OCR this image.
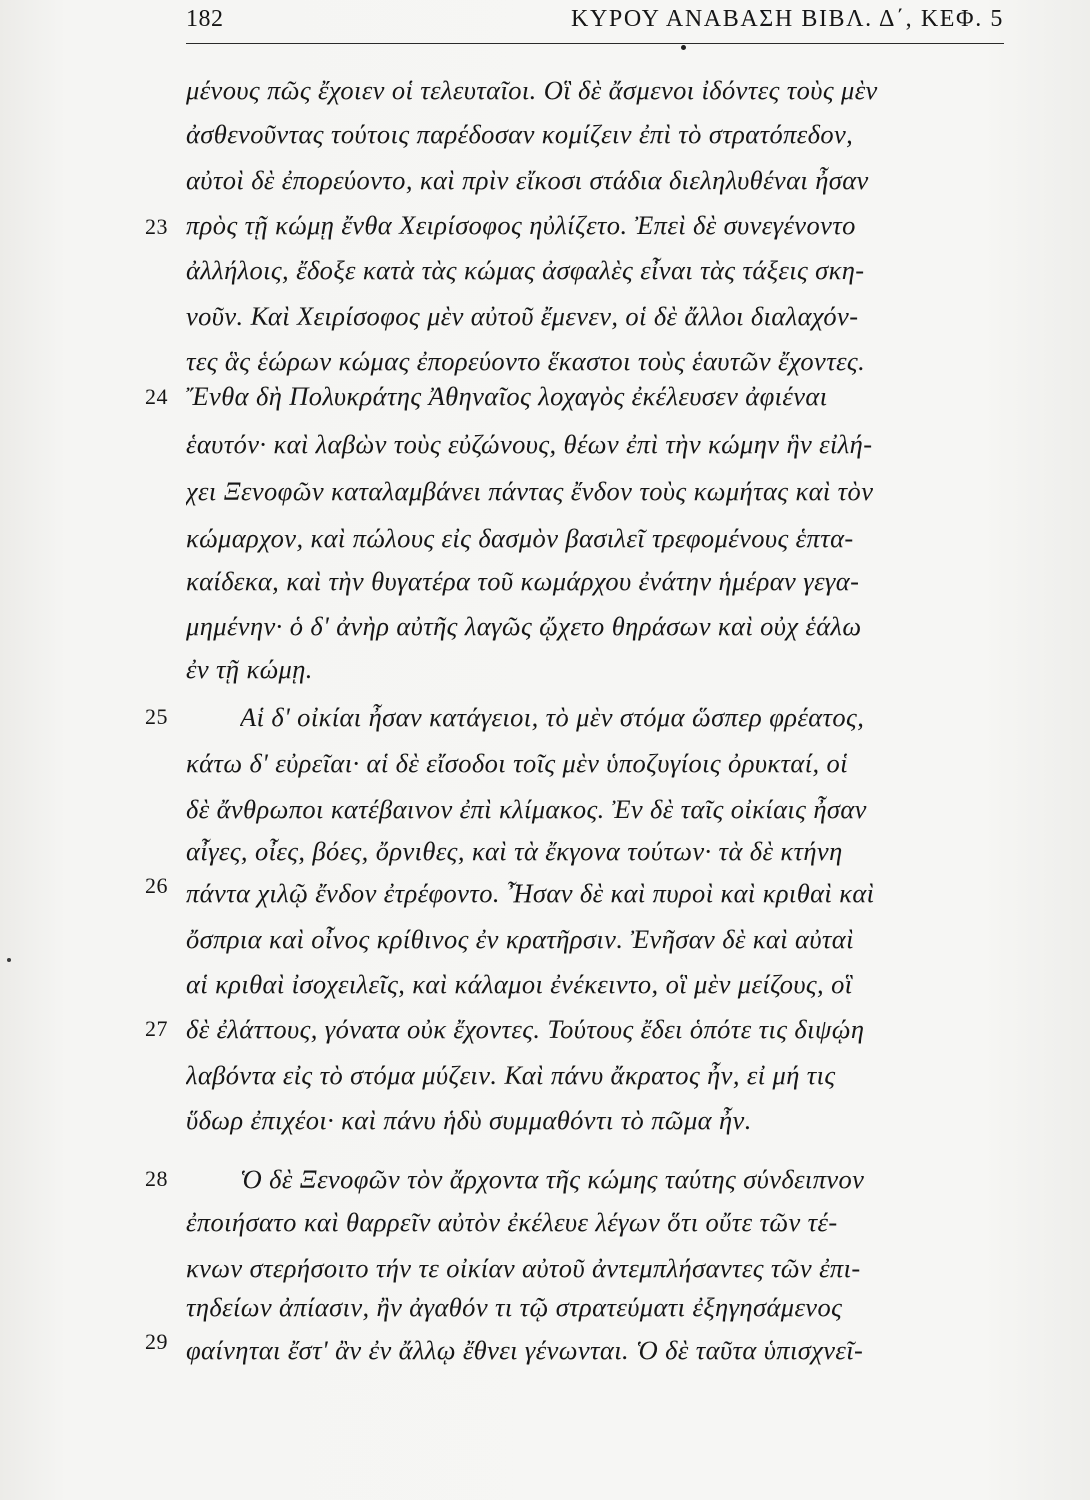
182	ΚΥΡΟΥ ΑΝΑΒΑΣΗ ΒΙΒΛ. Δ΄, ΚΕΦ. 5
23
24
25
26
27
28
29
μένους πῶς ἔχοιεν οἱ τελευταῖοι. Οἳ δὲ ἄσμενοι ἰδόντες τοὺς μὲν
ἀσθενοῦντας τούτοις παρέδοσαν κομίζειν ἐπὶ τὸ στρατόπεδον,
αὐτοὶ δὲ ἐπορεύοντο, καὶ πρὶν εἴκοσι στάδια διεληλυθέναι ἦσαν
πρὸς τῇ κώμῃ ἔνθα Χειρίσοφος ηὐλίζετο. Ἐπεὶ δὲ συνεγένοντο
ἀλλήλοις, ἔδοξε κατὰ τὰς κώμας ἀσφαλὲς εἶναι τὰς τάξεις σκη-
νοῦν. Καὶ Χειρίσοφος μὲν αὐτοῦ ἔμενεν, οἱ δὲ ἄλλοι διαλαχόν-
τες ἃς ἑώρων κώμας ἐπορεύοντο ἕκαστοι τοὺς ἑαυτῶν ἔχοντες.
Ἔνθα δὴ Πολυκράτης Ἀθηναῖος λοχαγὸς ἐκέλευσεν ἀφιέναι
ἑαυτόν· καὶ λαβὼν τοὺς εὐζώνους, θέων ἐπὶ τὴν κώμην ἣν εἰλή-
χει Ξενοφῶν καταλαμβάνει πάντας ἔνδον τοὺς κωμήτας καὶ τὸν
κώμαρχον, καὶ πώλους εἰς δασμὸν βασιλεῖ τρεφομένους ἑπτα-
καίδεκα, καὶ τὴν θυγατέρα τοῦ κωμάρχου ἐνάτην ἡμέραν γεγα-
μημένην· ὁ δ' ἀνὴρ αὐτῆς λαγῶς ᾤχετο θηράσων καὶ οὐχ ἑάλω
ἐν τῇ κώμῃ.
Αἱ δ' οἰκίαι ἦσαν κατάγειοι, τὸ μὲν στόμα ὥσπερ φρέατος,
κάτω δ' εὐρεῖαι· αἱ δὲ εἴσοδοι τοῖς μὲν ὑποζυγίοις ὀρυκταί, οἱ
δὲ ἄνθρωποι κατέβαινον ἐπὶ κλίμακος. Ἐν δὲ ταῖς οἰκίαις ἦσαν
αἶγες, οἶες, βόες, ὄρνιθες, καὶ τὰ ἔκγονα τούτων· τὰ δὲ κτήνη
πάντα χιλῷ ἔνδον ἐτρέφοντο. Ἦσαν δὲ καὶ πυροὶ καὶ κριθαὶ καὶ
ὄσπρια καὶ οἶνος κρίθινος ἐν κρατῆρσιν. Ἐνῆσαν δὲ καὶ αὐταὶ
αἱ κριθαὶ ἰσοχειλεῖς, καὶ κάλαμοι ἐνέκειντο, οἳ μὲν μείζους, οἳ
δὲ ἐλάττους, γόνατα οὐκ ἔχοντες. Τούτους ἔδει ὁπότε τις διψῴη
λαβόντα εἰς τὸ στόμα μύζειν. Καὶ πάνυ ἄκρατος ἦν, εἰ μή τις
ὕδωρ ἐπιχέοι· καὶ πάνυ ἡδὺ συμμαθόντι τὸ πῶμα ἦν.
Ὁ δὲ Ξενοφῶν τὸν ἄρχοντα τῆς κώμης ταύτης σύνδειπνον
ἐποιήσατο καὶ θαρρεῖν αὐτὸν ἐκέλευε λέγων ὅτι οὔτε τῶν τέ-
κνων στερήσοιτο τήν τε οἰκίαν αὐτοῦ ἀντεμπλήσαντες τῶν ἐπι-
τηδείων ἀπίασιν, ἢν ἀγαθόν τι τῷ στρατεύματι ἐξηγησάμενος
φαίνηται ἔστ' ἂν ἐν ἄλλῳ ἔθνει γένωνται. Ὁ δὲ ταῦτα ὑπισχνεῖ-
